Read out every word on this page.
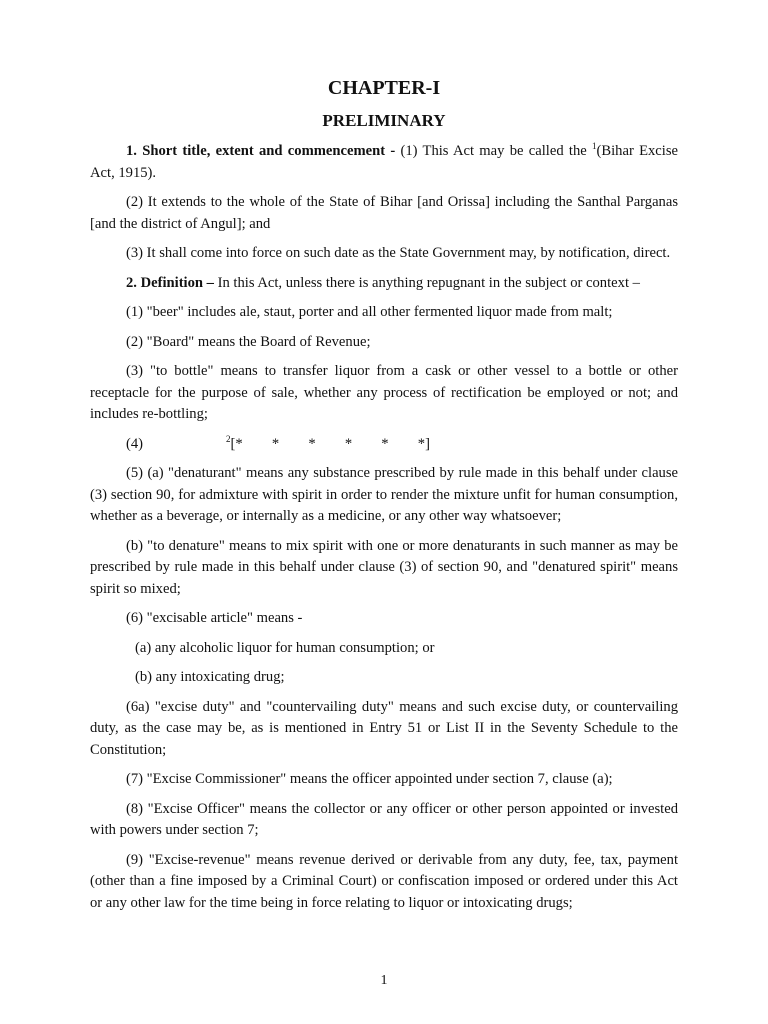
CHAPTER-I
PRELIMINARY

1. Short title, extent and commencement - (1) This Act may be called the $^1$(Bihar Excise Act, 1915).

(2) It extends to the whole of the State of Bihar [and Orissa] including the Santhal Parganas [and the district of Angul]; and

(3) It shall come into force on such date as the State Government may, by notification, direct.

2. Definition – In this Act, unless there is anything repugnant in the subject or context –

(1) "beer" includes ale, staut, porter and all other fermented liquor made from malt;

(2) "Board" means the Board of Revenue;

(3) "to bottle" means to transfer liquor from a cask or other vessel to a bottle or other receptacle for the purpose of sale, whether any process of rectification be employed or not; and includes re-bottling;

(4)	$^2$[*        *        *        *        *        *]

(5) (a) "denaturant" means any substance prescribed by rule made in this behalf under clause (3) section 90, for admixture with spirit in order to render the mixture unfit for human consumption, whether as a beverage, or internally as a medicine, or any other way whatsoever;

(b) "to denature" means to mix spirit with one or more denaturants in such manner as may be prescribed by rule made in this behalf under clause (3) of section 90, and "denatured spirit" means spirit so mixed;

(6) "excisable article" means -

(a) any alcoholic liquor for human consumption; or

(b) any intoxicating drug;

(6a) "excise duty" and "countervailing duty" means and such excise duty, or countervailing duty, as the case may be, as is mentioned in Entry 51 or List II in the Seventy Schedule to the Constitution;

(7) "Excise Commissioner" means the officer appointed under section 7, clause (a);

(8) "Excise Officer" means the collector or any officer or other person appointed or invested with powers under section 7;

(9) "Excise-revenue" means revenue derived or derivable from any duty, fee, tax, payment (other than a fine imposed by a Criminal Court) or confiscation imposed or ordered under this Act or any other law for the time being in force relating to liquor or intoxicating drugs;

1
